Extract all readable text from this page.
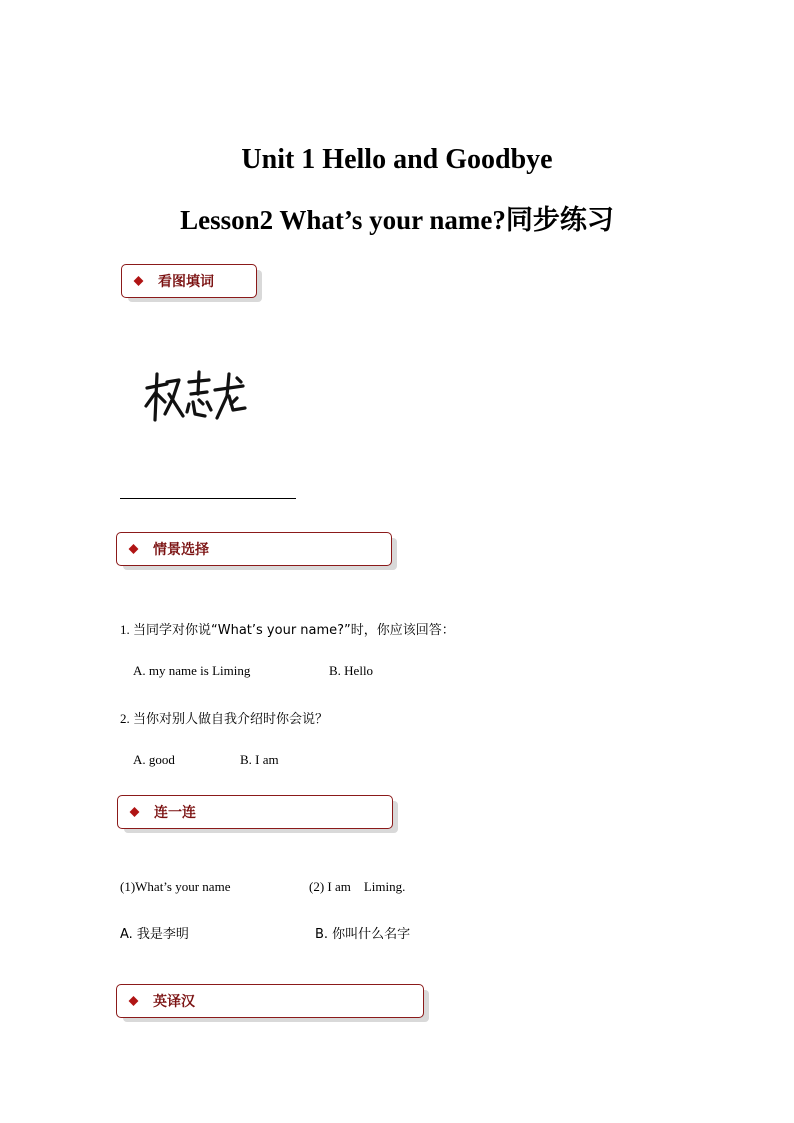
Unit 1 Hello and Goodbye
Lesson2 What’s your name?同步练习
看图填词
情景选择
1. 当同学对你说“What’s your name?”时，你应该回答：
A. my name is Liming	B. Hello
2. 当你对别人做自我介绍时你会说？
A. good	B. I am
连一连
(1)What’s your name	(2) I am    Liming.
A. 我是李明	B. 你叫什么名字
英译汉
